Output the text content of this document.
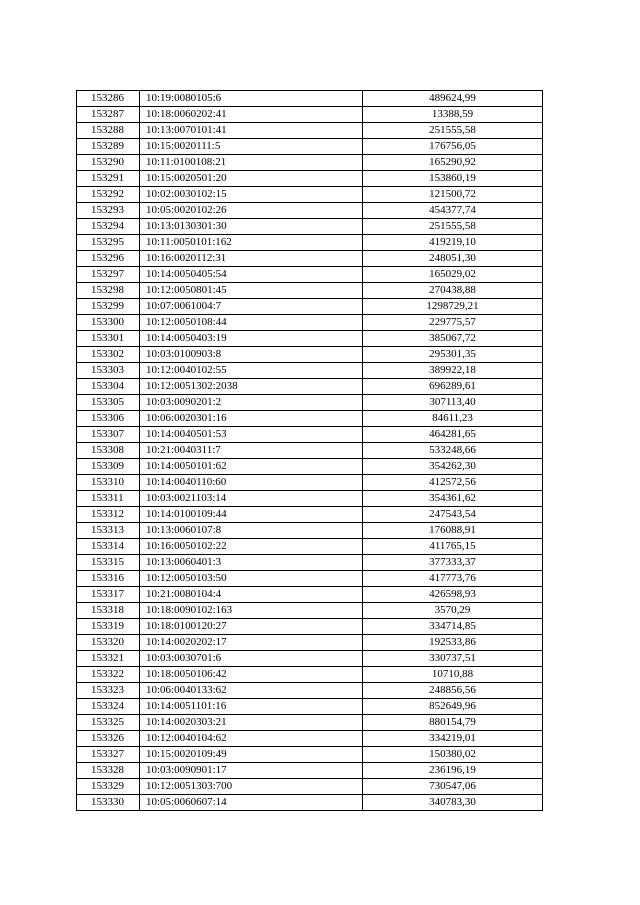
153286	10:19:0080105:6	489624,99
153287	10:18:0060202:41	13388,59
153288	10:13:0070101:41	251555,58
153289	10:15:0020111:5	176756,05
153290	10:11:0100108:21	165290,92
153291	10:15:0020501:20	153860,19
153292	10:02:0030102:15	121500,72
153293	10:05:0020102:26	454377,74
153294	10:13:0130301:30	251555,58
153295	10:11:0050101:162	419219,10
153296	10:16:0020112:31	248051,30
153297	10:14:0050405:54	165029,02
153298	10:12:0050801:45	270438,88
153299	10:07:0061004:7	1298729,21
153300	10:12:0050108:44	229775,57
153301	10:14:0050403:19	385067,72
153302	10:03:0100903:8	295301,35
153303	10:12:0040102:55	389922,18
153304	10:12:0051302:2038	696289,61
153305	10:03:0090201:2	307113,40
153306	10:06:0020301:16	84611,23
153307	10:14:0040501:53	464281,65
153308	10:21:0040311:7	533248,66
153309	10:14:0050101:62	354262,30
153310	10:14:0040110:60	412572,56
153311	10:03:0021103:14	354361,62
153312	10:14:0100109:44	247543,54
153313	10:13:0060107:8	176088,91
153314	10:16:0050102:22	411765,15
153315	10:13:0060401:3	377333,37
153316	10:12:0050103:50	417773,76
153317	10:21:0080104:4	426598,93
153318	10:18:0090102:163	3570,29
153319	10:18:0100120:27	334714,85
153320	10:14:0020202:17	192533,86
153321	10:03:0030701:6	330737,51
153322	10:18:0050106:42	10710,88
153323	10:06:0040133:62	248856,56
153324	10:14:0051101:16	852649,96
153325	10:14:0020303:21	880154,79
153326	10:12:0040104:62	334219,01
153327	10:15:0020109:49	150380,02
153328	10:03:0090901:17	236196,19
153329	10:12:0051303:700	730547,06
153330	10:05:0060607:14	340783,30
